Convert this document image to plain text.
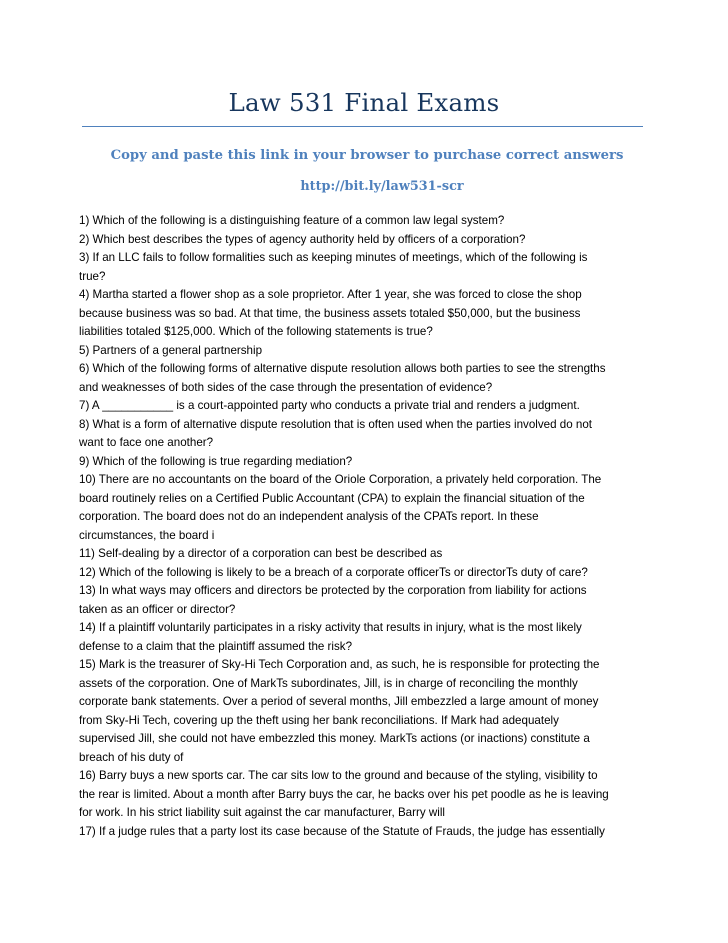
Law 531 Final Exams
Copy and paste this link in your browser to purchase correct answers
http://bit.ly/law531-scr
1) Which of the following is a distinguishing feature of a common law legal system?
2) Which best describes the types of agency authority held by officers of a corporation?
3) If an LLC fails to follow formalities such as keeping minutes of meetings, which of the following is
true?
4) Martha started a flower shop as a sole proprietor. After 1 year, she was forced to close the shop
because business was so bad. At that time, the business assets totaled $50,000, but the business
liabilities totaled $125,000. Which of the following statements is true?
5) Partners of a general partnership
6) Which of the following forms of alternative dispute resolution allows both parties to see the strengths
and weaknesses of both sides of the case through the presentation of evidence?
7) A ___________ is a court-appointed party who conducts a private trial and renders a judgment.
8) What is a form of alternative dispute resolution that is often used when the parties involved do not
want to face one another?
9) Which of the following is true regarding mediation?
10) There are no accountants on the board of the Oriole Corporation, a privately held corporation. The
board routinely relies on a Certified Public Accountant (CPA) to explain the financial situation of the
corporation. The board does not do an independent analysis of the CPATs report. In these
circumstances, the board i
11) Self-dealing by a director of a corporation can best be described as
12) Which of the following is likely to be a breach of a corporate officerTs or directorTs duty of care?
13) In what ways may officers and directors be protected by the corporation from liability for actions
taken as an officer or director?
14) If a plaintiff voluntarily participates in a risky activity that results in injury, what is the most likely
defense to a claim that the plaintiff assumed the risk?
15) Mark is the treasurer of Sky-Hi Tech Corporation and, as such, he is responsible for protecting the
assets of the corporation. One of MarkTs subordinates, Jill, is in charge of reconciling the monthly
corporate bank statements. Over a period of several months, Jill embezzled a large amount of money
from Sky-Hi Tech, covering up the theft using her bank reconciliations. If Mark had adequately
supervised Jill, she could not have embezzled this money. MarkTs actions (or inactions) constitute a
breach of his duty of
16) Barry buys a new sports car. The car sits low to the ground and because of the styling, visibility to
the rear is limited. About a month after Barry buys the car, he backs over his pet poodle as he is leaving
for work. In his strict liability suit against the car manufacturer, Barry will
17) If a judge rules that a party lost its case because of the Statute of Frauds, the judge has essentially
